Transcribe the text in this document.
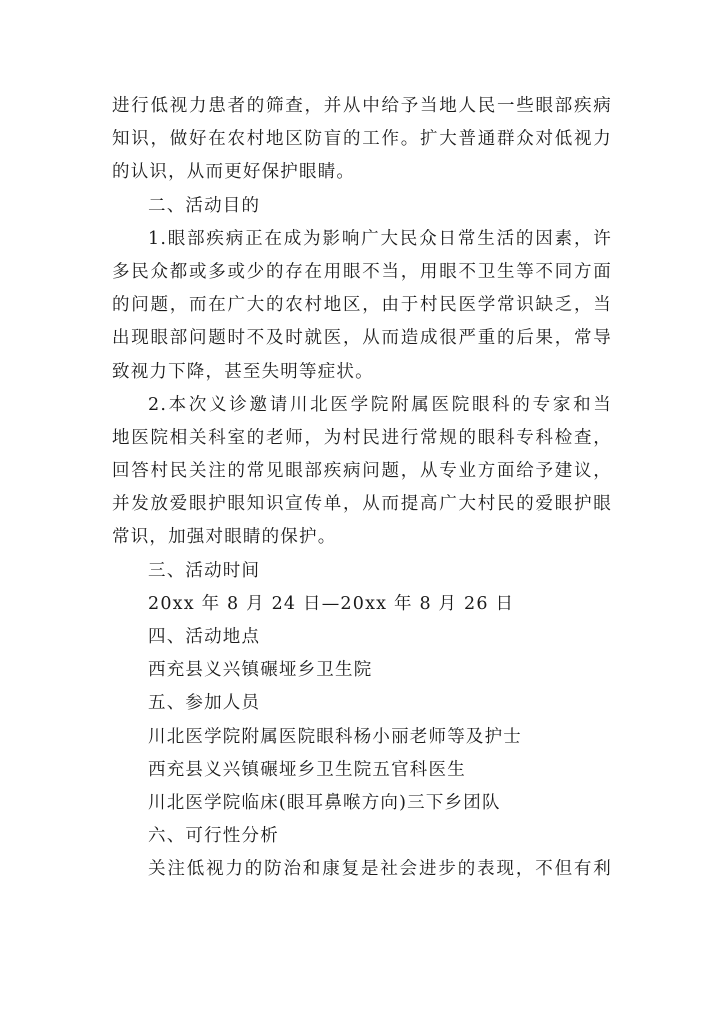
进行低视力患者的筛查，并从中给予当地人民一些眼部疾病
知识，做好在农村地区防盲的工作。扩大普通群众对低视力
的认识，从而更好保护眼睛。
二、活动目的
1.眼部疾病正在成为影响广大民众日常生活的因素，许
多民众都或多或少的存在用眼不当，用眼不卫生等不同方面
的问题，而在广大的农村地区，由于村民医学常识缺乏，当
出现眼部问题时不及时就医，从而造成很严重的后果，常导
致视力下降，甚至失明等症状。
2.本次义诊邀请川北医学院附属医院眼科的专家和当
地医院相关科室的老师，为村民进行常规的眼科专科检查，
回答村民关注的常见眼部疾病问题，从专业方面给予建议，
并发放爱眼护眼知识宣传单，从而提高广大村民的爱眼护眼
常识，加强对眼睛的保护。
三、活动时间
20xx 年 8 月 24 日—20xx 年 8 月 26 日
四、活动地点
西充县义兴镇碾垭乡卫生院
五、参加人员
川北医学院附属医院眼科杨小丽老师等及护士
西充县义兴镇碾垭乡卫生院五官科医生
川北医学院临床(眼耳鼻喉方向)三下乡团队
六、可行性分析
关注低视力的防治和康复是社会进步的表现，不但有利
